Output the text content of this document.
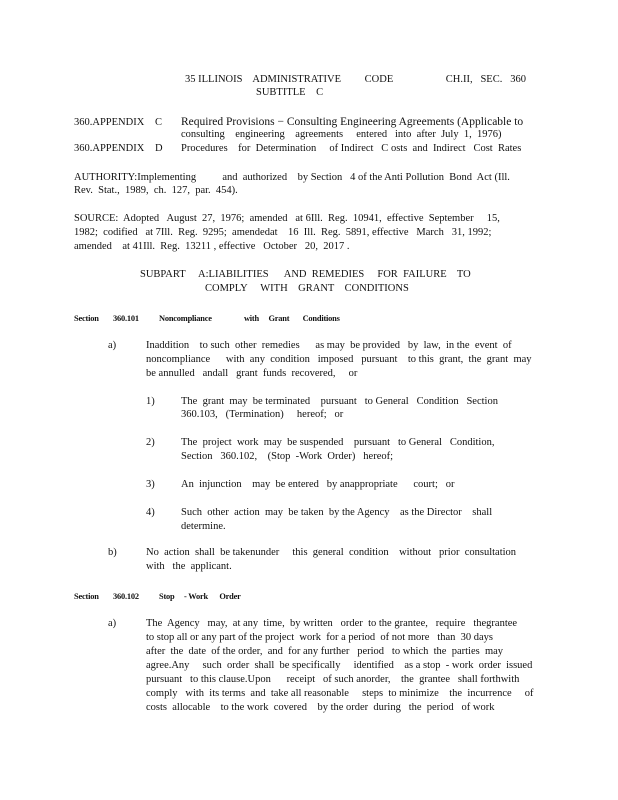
35 ILLINOIS    ADMINISTRATIVE         CODE                    CH.II,   SEC.   360
SUBTITLE    C
360.APPENDIX C Required Provisions − Consulting Engineering Agreements (Applicable to
consulting    engineering    agreements     entered   into  after  July  1,  1976)
360.APPENDIX D Procedures    for  Determination     of Indirect   C osts  and  Indirect   Cost  Rates
AUTHORITY:Implementing          and  authorized    by Section   4 of the Anti Pollution  Bond  Act (Ill.
Rev.  Stat.,  1989,  ch.  127,  par.  454).
SOURCE:  Adopted   August  27,  1976;  amended   at 6Ill.  Reg.  10941,  effective  September     15,
1982;  codified   at 7Ill.  Reg.  9295;  amendedat    16  Ill.  Reg.  5891, effective   March   31, 1992;
amended    at 41Ill.  Reg.  13211 , effective   October   20,  2017 .
SUBPART     A:LIABILITIES      AND  REMEDIES     FOR  FAILURE    TO
COMPLY     WITH    GRANT    CONDITIONS
Section 360.101 Noncompliance                 with     Grant       Conditions
a)	Inaddition    to such  other  remedies      as may  be provided   by  law,  in the  event  of
noncompliance      with  any  condition   imposed   pursuant    to this  grant,  the  grant  may
be annulled   andall   grant  funds  recovered,     or
1)	The  grant  may  be terminated    pursuant   to General   Condition   Section
360.103,   (Termination)     hereof;   or
2)	The  project  work  may  be suspended    pursuant   to General   Condition,
Section   360.102,    (Stop  -Work  Order)   hereof;
3)	An  injunction    may  be entered   by anappropriate      court;   or
4)	Such  other  action  may  be taken  by the Agency    as the Director    shall
determine.
b)	No  action  shall  be takenunder     this  general  condition    without   prior  consultation
with   the  applicant.
Section 360.102 Stop     - Work      Order
a)	The  Agency   may,  at any  time,  by written   order  to the grantee,   require   thegrantee
to stop all or any part of the project  work  for a period  of not more   than  30 days
after  the  date  of the order,  and  for any further   period   to which  the  parties  may
agree.Any     such  order  shall  be specifically     identified    as a stop  - work  order  issued
pursuant   to this clause.Upon      receipt   of such anorder,    the  grantee   shall forthwith
comply   with  its terms  and  take all reasonable     steps  to minimize    the  incurrence     of
costs  allocable    to the work  covered    by the order  during   the  period   of work
